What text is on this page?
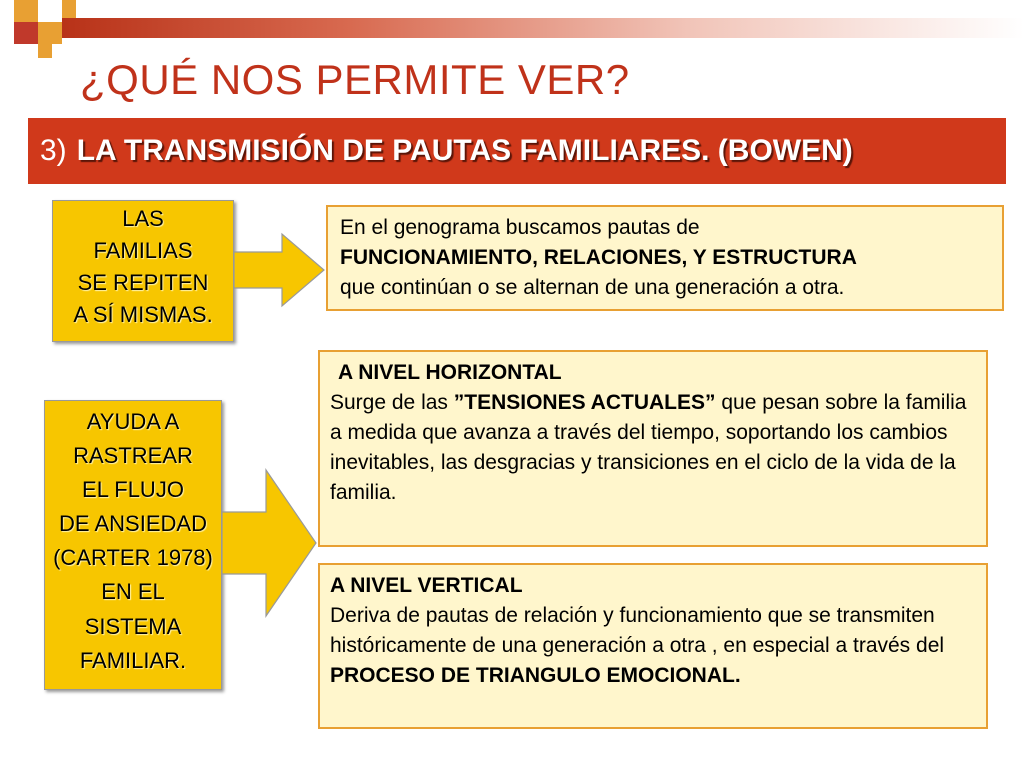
¿QUÉ NOS PERMITE VER?
3) LA TRANSMISIÓN DE PAUTAS FAMILIARES. (BOWEN)
LAS
FAMILIAS
SE REPITEN
A SÍ MISMAS.

En el genograma buscamos pautas de

FUNCIONAMIENTO, RELACIONES, Y ESTRUCTURA

que continúan o se alternan de una generación a otra.

AYUDA A
RASTREAR
EL FLUJO
DE ANSIEDAD
(CARTER 1978)
EN EL
SISTEMA
FAMILIAR.

A NIVEL HORIZONTAL
Surge de las ”TENSIONES ACTUALES” que pesan sobre la familia a medida que avanza a través del tiempo, soportando los cambios inevitables, las desgracias y transiciones en el ciclo de la vida de la familia.

A NIVEL VERTICAL
Deriva de pautas de relación y funcionamiento que se transmiten históricamente de una generación a otra , en especial a través del PROCESO DE TRIANGULO EMOCIONAL.
